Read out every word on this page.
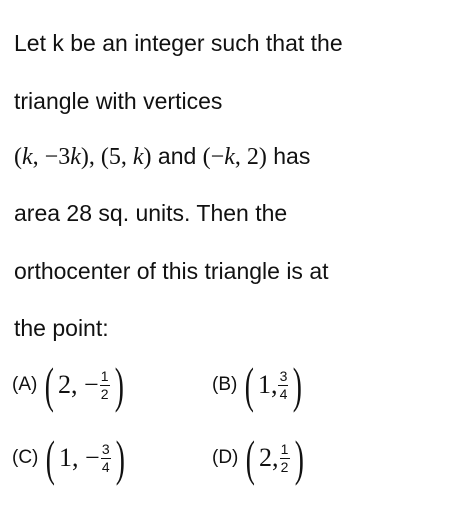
Let k be an integer such that the
triangle with vertices
(k, −3k), (5, k) and (−k, 2) has
area 28 sq. units. Then the
orthocenter of this triangle is at
the point:
(A) ( 2, − $\frac{1}{2}$ )	(B) ( 1, $\frac{3}{4}$ )
(C) ( 1, − $\frac{3}{4}$ )	(D) ( 2, $\frac{1}{2}$ )
